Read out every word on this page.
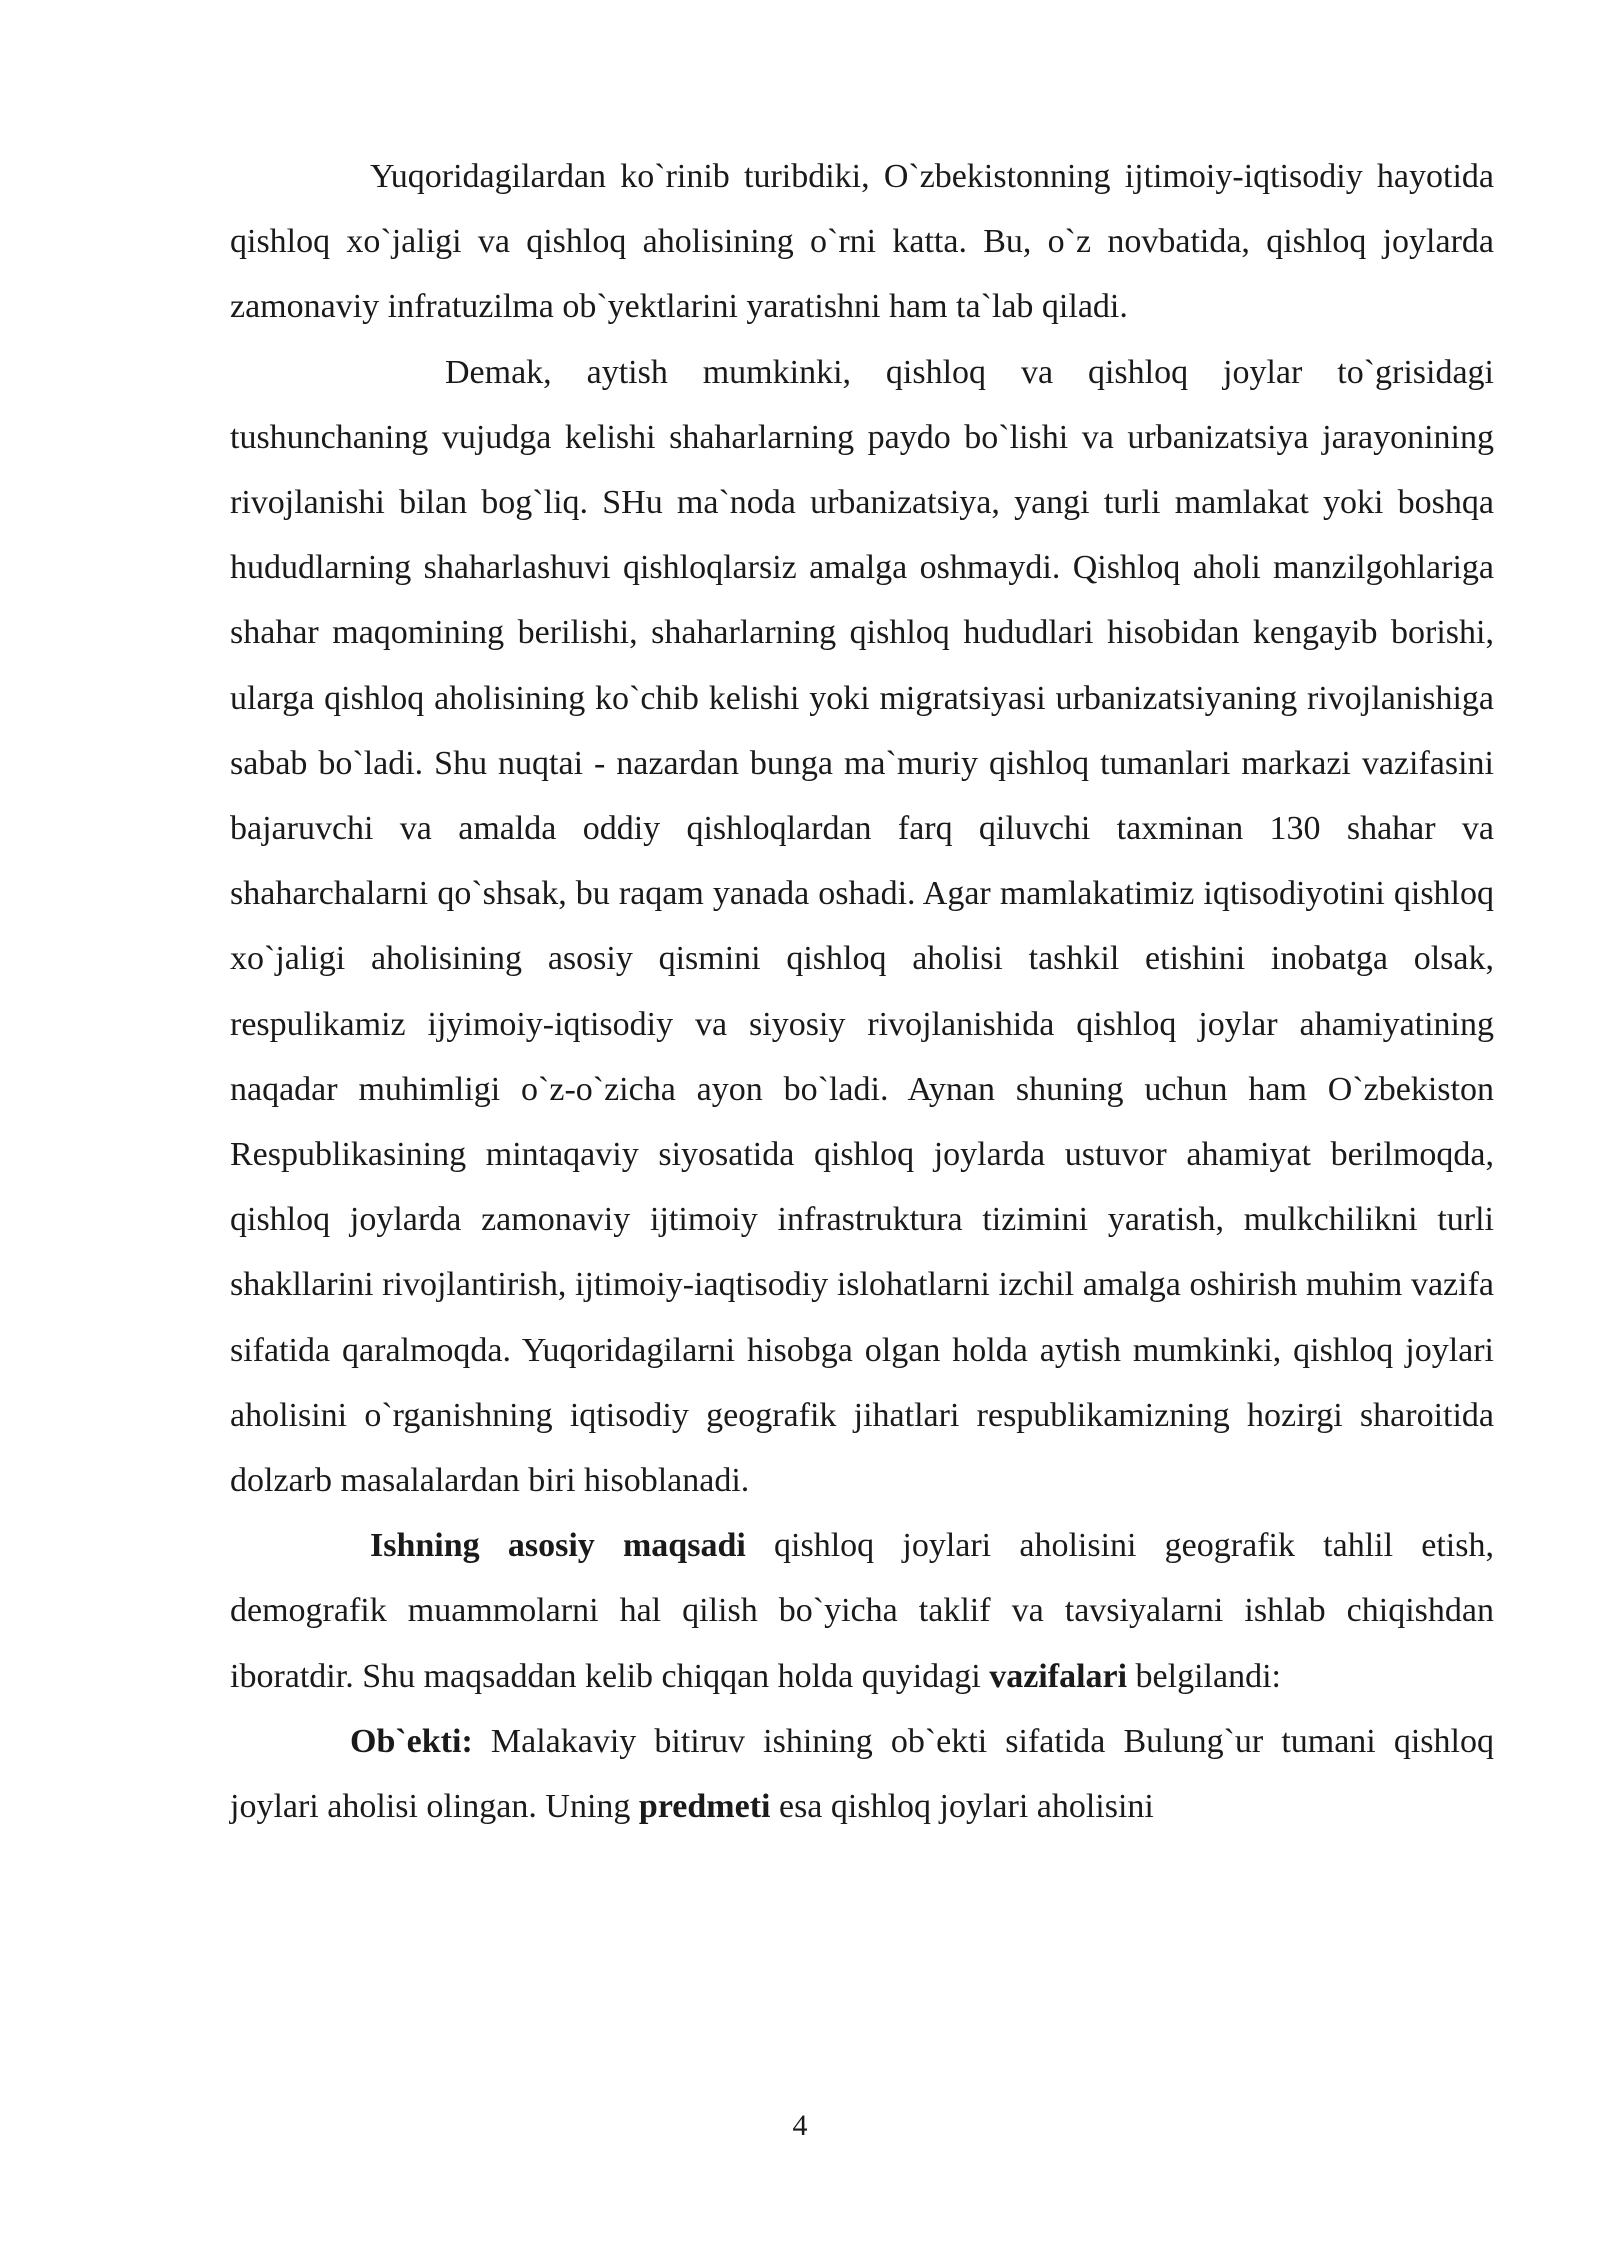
Yuqoridagilardan ko`rinib turibdiki, O`zbekistonning ijtimoiy-iqtisodiy hayotida qishloq xo`jaligi va qishloq aholisining o`rni katta. Bu, o`z novbatida, qishloq joylarda zamonaviy infratuzilma ob`yektlarini yaratishni ham ta`lab qiladi.

Demak, aytish mumkinki, qishloq va qishloq joylar to`grisidagi tushunchaning vujudga kelishi shaharlarning paydo bo`lishi va urbanizatsiya jarayonining rivojlanishi bilan bog`liq. SHu ma`noda urbanizatsiya, yangi turli mamlakat yoki boshqa hududlarning shaharlashuvi qishloqlarsiz amalga oshmaydi. Qishloq aholi manzilgohlariga shahar maqomining berilishi, shaharlarning qishloq hududlari hisobidan kengayib borishi, ularga qishloq aholisining ko`chib kelishi yoki migratsiyasi urbanizatsiyaning rivojlanishiga sabab bo`ladi. Shu nuqtai - nazardan bunga ma`muriy qishloq tumanlari markazi vazifasini bajaruvchi va amalda oddiy qishloqlardan farq qiluvchi taxminan 130 shahar va shaharchalarni qo`shsak, bu raqam yanada oshadi. Agar mamlakatimiz iqtisodiyotini qishloq xo`jaligi aholisining asosiy qismini qishloq aholisi tashkil etishini inobatga olsak, respulikamiz ijyimoiy-iqtisodiy va siyosiy rivojlanishida qishloq joylar ahamiyatining naqadar muhimligi o`z-o`zicha ayon bo`ladi. Aynan shuning uchun ham O`zbekiston Respublikasining mintaqaviy siyosatida qishloq joylarda ustuvor ahamiyat berilmoqda, qishloq joylarda zamonaviy ijtimoiy infrastruktura tizimini yaratish, mulkchilikni turli shakllarini rivojlantirish, ijtimoiy-iaqtisodiy islohatlarni izchil amalga oshirish muhim vazifa sifatida qaralmoqda. Yuqoridagilarni hisobga olgan holda aytish mumkinki, qishloq joylari aholisini o`rganishning iqtisodiy geografik jihatlari respublikamizning hozirgi sharoitida dolzarb masalalardan biri hisoblanadi.

Ishning asosiy maqsadi qishloq joylari aholisini geografik tahlil etish, demografik muammolarni hal qilish bo`yicha taklif va tavsiyalarni ishlab chiqishdan iboratdir. Shu maqsaddan kelib chiqqan holda quyidagi vazifalari belgilandi:

Ob`ekti: Malakaviy bitiruv ishining ob`ekti sifatida Bulung`ur tumani qishloq joylari aholisi olingan. Uning predmeti esa qishloq joylari aholisini

4
